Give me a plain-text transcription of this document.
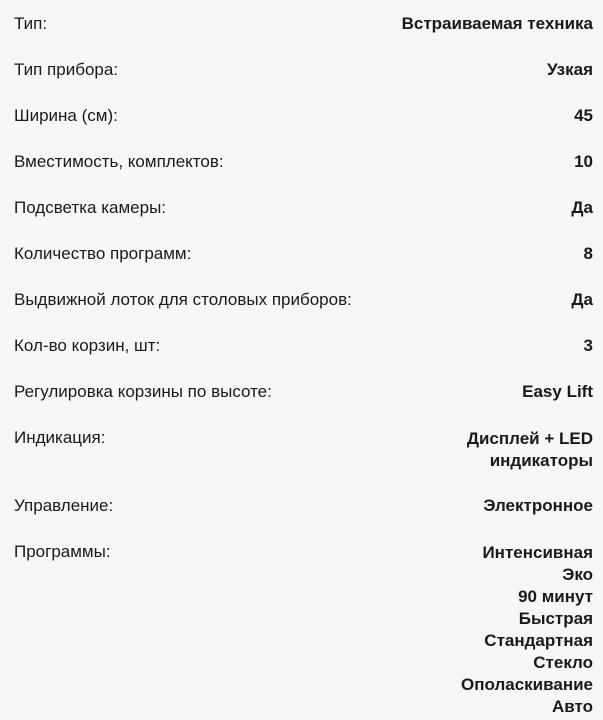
Тип:	Встраиваемая техника
Тип прибора:	Узкая
Ширина (см):	45
Вместимость, комплектов:	10
Подсветка камеры:	Да
Количество программ:	8
Выдвижной лоток для столовых приборов:	Да
Кол-во корзин, шт:	3
Регулировка корзины по высоте:	Easy Lift
Индикация:	Дисплей + LED
индикаторы
Управление:	Электронное
Программы:	Интенсивная
Эко
90 минут
Быстрая
Стандартная
Стекло
Ополаскивание
Авто
